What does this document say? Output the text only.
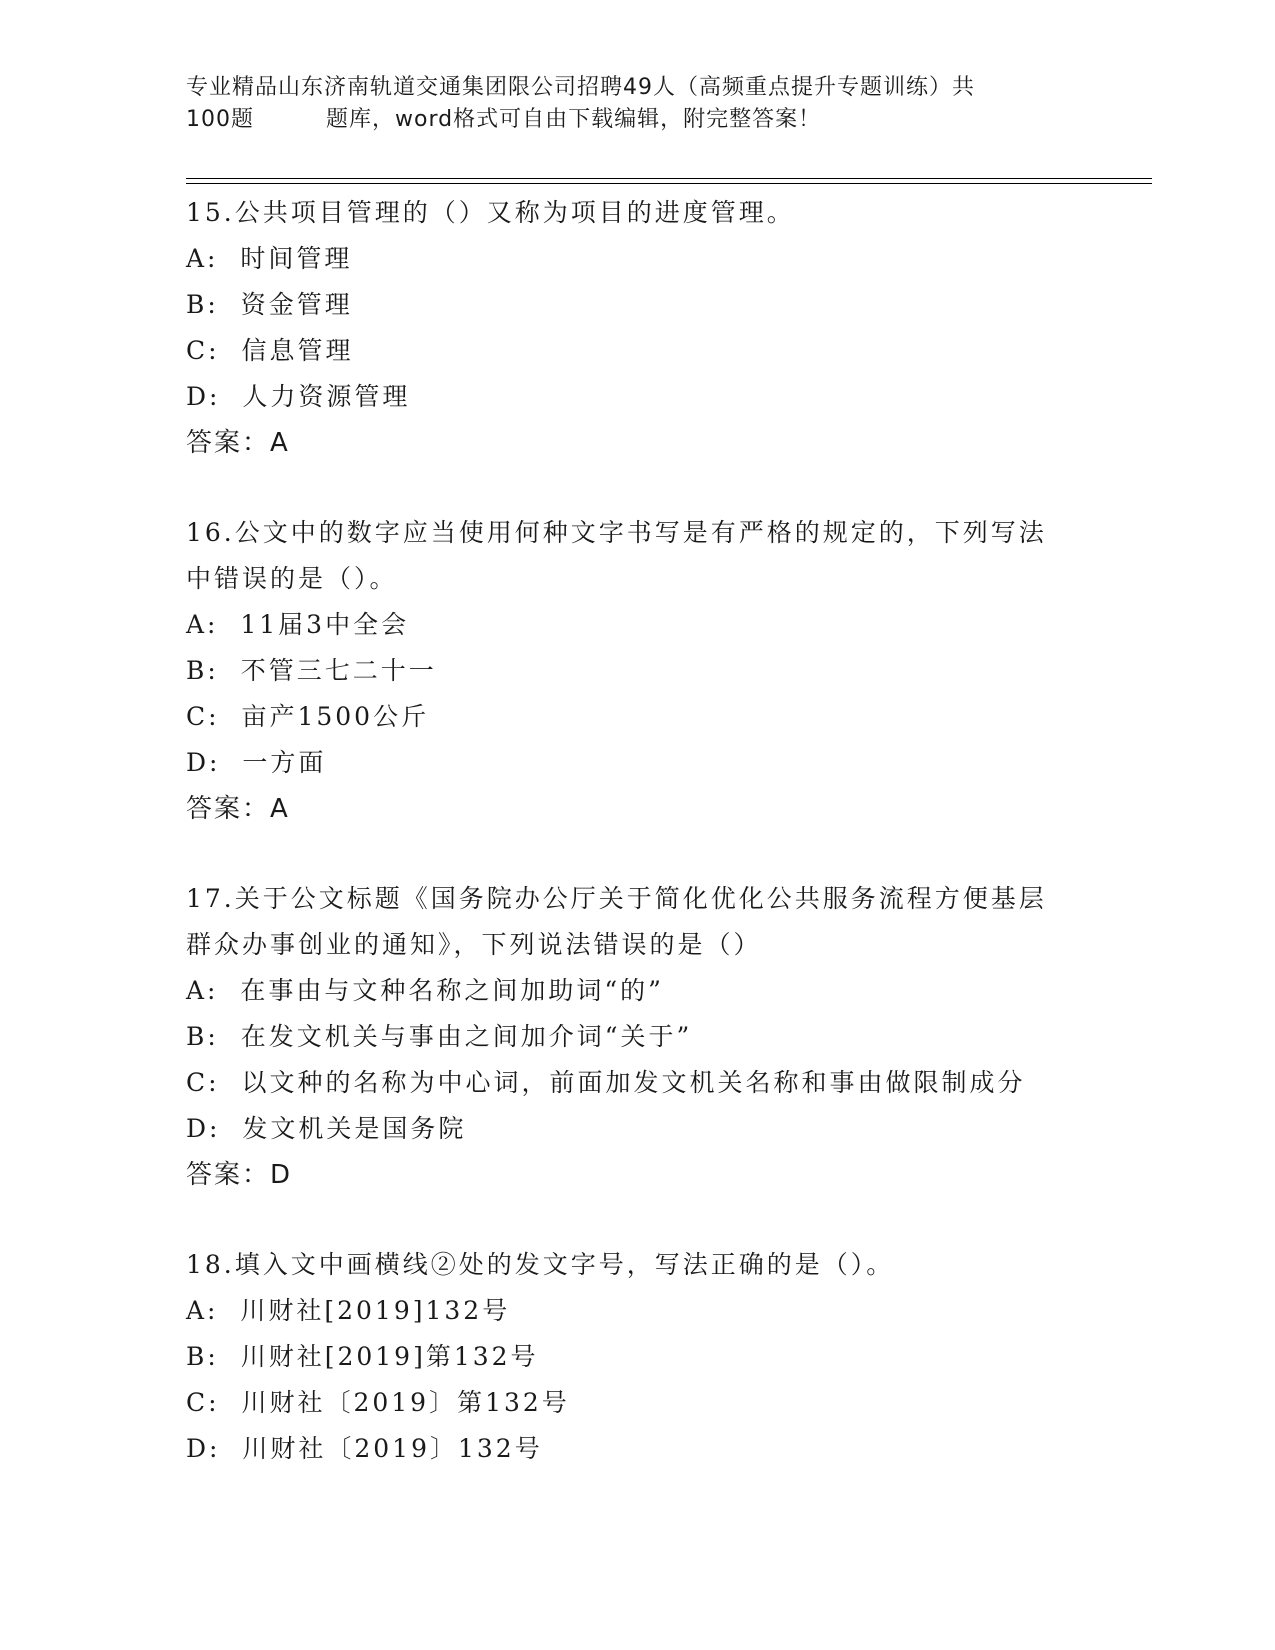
专业精品山东济南轨道交通集团限公司招聘49人（高频重点提升专题训练）共
100题	题库，word格式可自由下载编辑，附完整答案！
15.公共项目管理的（）又称为项目的进度管理。
A:  时间管理
B:  资金管理
C:  信息管理
D:  人力资源管理
答案：A
16.公文中的数字应当使用何种文字书写是有严格的规定的，下列写法
中错误的是（）。
A:  11届3中全会
B:  不管三七二十一
C:  亩产1500公斤
D:  一方面
答案：A
17.关于公文标题《国务院办公厅关于简化优化公共服务流程方便基层
群众办事创业的通知》，下列说法错误的是（）
A:  在事由与文种名称之间加助词“的”
B:  在发文机关与事由之间加介词“关于”
C:  以文种的名称为中心词，前面加发文机关名称和事由做限制成分
D:  发文机关是国务院
答案：D
18.填入文中画横线②处的发文字号，写法正确的是（）。
A:  川财社[2019]132号
B:  川财社[2019]第132号
C:  川财社〔2019〕第132号
D:  川财社〔2019〕132号
